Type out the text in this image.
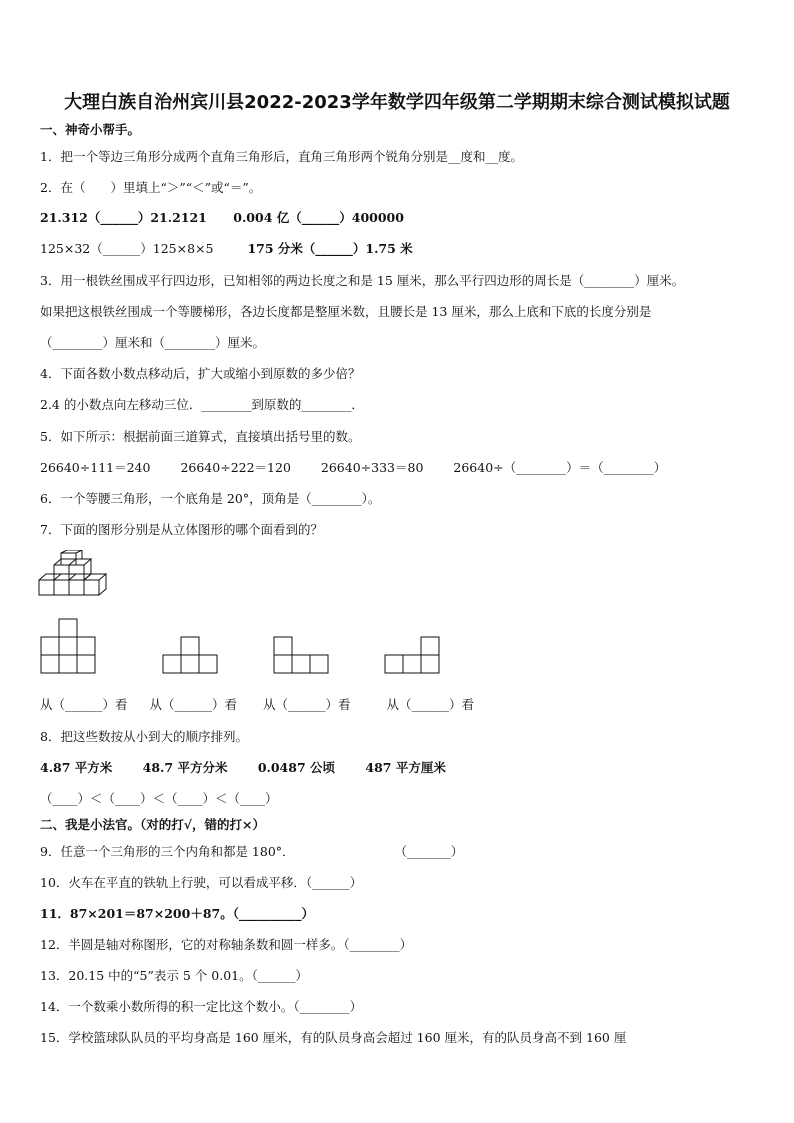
大理白族自治州宾川县2022-2023学年数学四年级第二学期期末综合测试模拟试题
一、神奇小帮手。
1．把一个等边三角形分成两个直角三角形后，直角三角形两个锐角分别是__度和__度。
2．在（　　）里填上“＞”“＜”或“＝”。
21.312（______）21.2121 0.004 亿（______）400000
125×32（______）125×8×5	175 分米（______）1.75 米
3．用一根铁丝围成平行四边形，已知相邻的两边长度之和是 15 厘米，那么平行四边形的周长是（________）厘米。
如果把这根铁丝围成一个等腰梯形，各边长度都是整厘米数，且腰长是 13 厘米，那么上底和下底的长度分别是
（________）厘米和（________）厘米。
4．下面各数小数点移动后，扩大或缩小到原数的多少倍？
2.4 的小数点向左移动三位．________到原数的________．
5．如下所示：根据前面三道算式，直接填出括号里的数。
26640÷111＝240 26640÷222＝120 26640÷333＝80 26640÷（________）＝（________）
6．一个等腰三角形，一个底角是 20°，顶角是（________）。
7．下面的图形分别是从立体图形的哪个面看到的？
从（______）看 从（______）看 从（______）看	从（______）看
8．把这些数按从小到大的顺序排列。
4.87 平方米 48.7 平方分米 0.0487 公顷 487 平方厘米
（____）＜（____）＜（____）＜（____）
二、我是小法官。（对的打√，错的打×）
9．任意一个三角形的三个内角和都是 180°．	（_______）
10．火车在平直的铁轨上行驶，可以看成平移．（______）
11．87×201＝87×200＋87。（__________）
12．半圆是轴对称图形，它的对称轴条数和圆一样多。（________）
13．20.15 中的“5”表示 5 个 0.01。（______）
14．一个数乘小数所得的积一定比这个数小。（________）
15．学校篮球队队员的平均身高是 160 厘米，有的队员身高会超过 160 厘米，有的队员身高不到 160 厘
